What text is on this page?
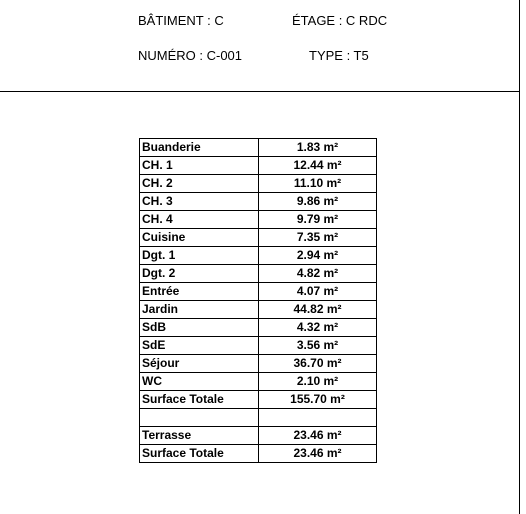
BÂTIMENT : C	ÉTAGE : C RDC
NUMÉRO : C-001	TYPE : T5
Buanderie	1.83 m²
CH. 1	12.44 m²
CH. 2	11.10 m²
CH. 3	9.86 m²
CH. 4	9.79 m²
Cuisine	7.35 m²
Dgt. 1	2.94 m²
Dgt. 2	4.82 m²
Entrée	4.07 m²
Jardin	44.82 m²
SdB	4.32 m²
SdE	3.56 m²
Séjour	36.70 m²
WC	2.10 m²
Surface Totale	155.70 m²

Terrasse	23.46 m²
Surface Totale	23.46 m²
